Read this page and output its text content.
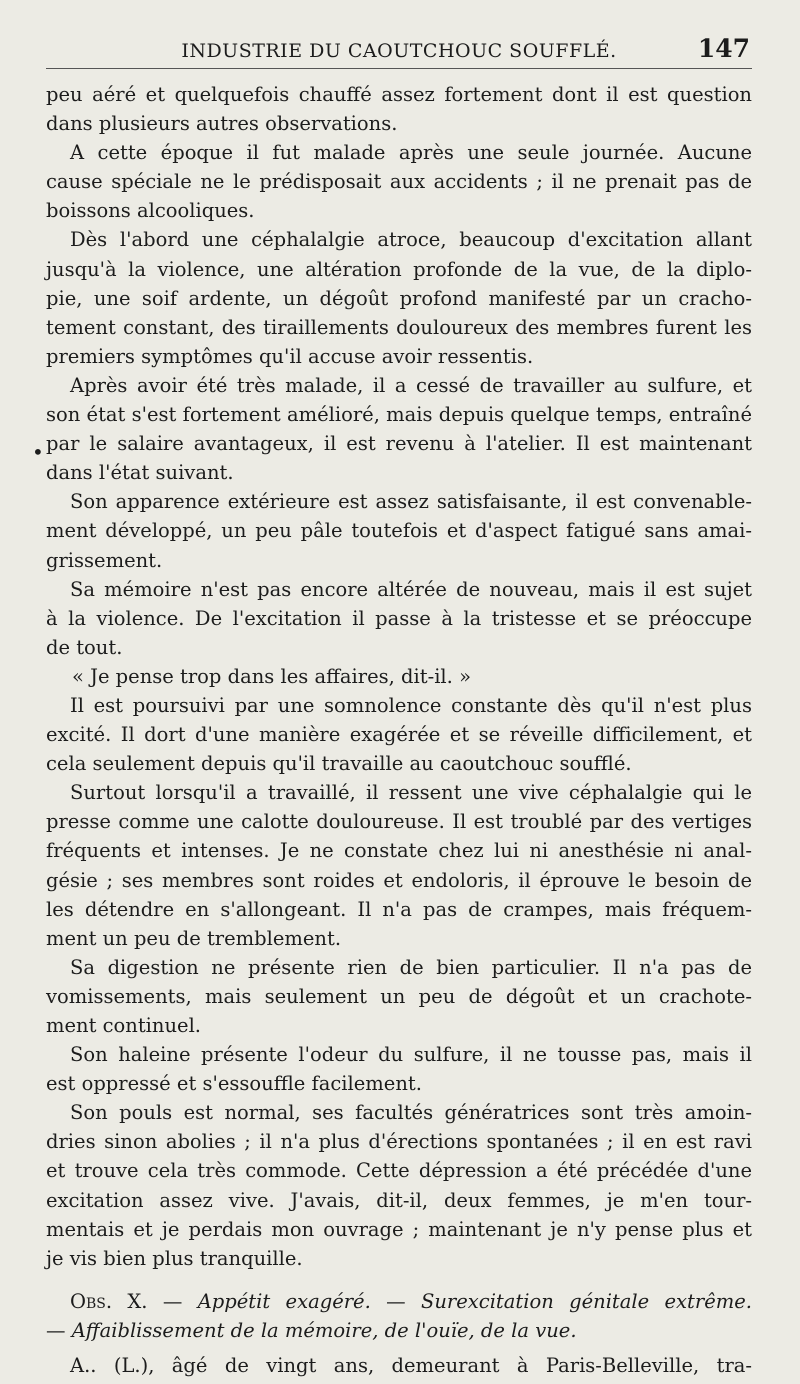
INDUSTRIE DU CAOUTCHOUC SOUFFLÉ.	147
•
peu aéré et quelquefois chauffé assez fortement dont il est question
dans plusieurs autres observations.
A cette époque il fut malade après une seule journée. Aucune
cause spéciale ne le prédisposait aux accidents ; il ne prenait pas de
boissons alcooliques.
Dès l'abord une céphalalgie atroce, beaucoup d'excitation allant
jusqu'à la violence, une altération profonde de la vue, de la diplo-
pie, une soif ardente, un dégoût profond manifesté par un cracho-
tement constant, des tiraillements douloureux des membres furent les
premiers symptômes qu'il accuse avoir ressentis.
Après avoir été très malade, il a cessé de travailler au sulfure, et
son état s'est fortement amélioré, mais depuis quelque temps, entraîné
par le salaire avantageux, il est revenu à l'atelier. Il est maintenant
dans l'état suivant.
Son apparence extérieure est assez satisfaisante, il est convenable-
ment développé, un peu pâle toutefois et d'aspect fatigué sans amai-
grissement.
Sa mémoire n'est pas encore altérée de nouveau, mais il est sujet
à la violence. De l'excitation il passe à la tristesse et se préoccupe
de tout.
« Je pense trop dans les affaires, dit-il. »
Il est poursuivi par une somnolence constante dès qu'il n'est plus
excité. Il dort d'une manière exagérée et se réveille difficilement, et
cela seulement depuis qu'il travaille au caoutchouc soufflé.
Surtout lorsqu'il a travaillé, il ressent une vive céphalalgie qui le
presse comme une calotte douloureuse. Il est troublé par des vertiges
fréquents et intenses. Je ne constate chez lui ni anesthésie ni anal-
gésie ; ses membres sont roides et endoloris, il éprouve le besoin de
les détendre en s'allongeant. Il n'a pas de crampes, mais fréquem-
ment un peu de tremblement.
Sa digestion ne présente rien de bien particulier. Il n'a pas de
vomissements, mais seulement un peu de dégoût et un crachote-
ment continuel.
Son haleine présente l'odeur du sulfure, il ne tousse pas, mais il
est oppressé et s'essouffle facilement.
Son pouls est normal, ses facultés génératrices sont très amoin-
dries sinon abolies ; il n'a plus d'érections spontanées ; il en est ravi
et trouve cela très commode. Cette dépression a été précédée d'une
excitation assez vive. J'avais, dit-il, deux femmes, je m'en tour-
mentais et je perdais mon ouvrage ; maintenant je n'y pense plus et
je vis bien plus tranquille.
Obs. X. — Appétit exagéré. — Surexcitation génitale extrême.
— Affaiblissement de la mémoire, de l'ouïe, de la vue.
A.. (L.), âgé de vingt ans, demeurant à Paris-Belleville, tra-
